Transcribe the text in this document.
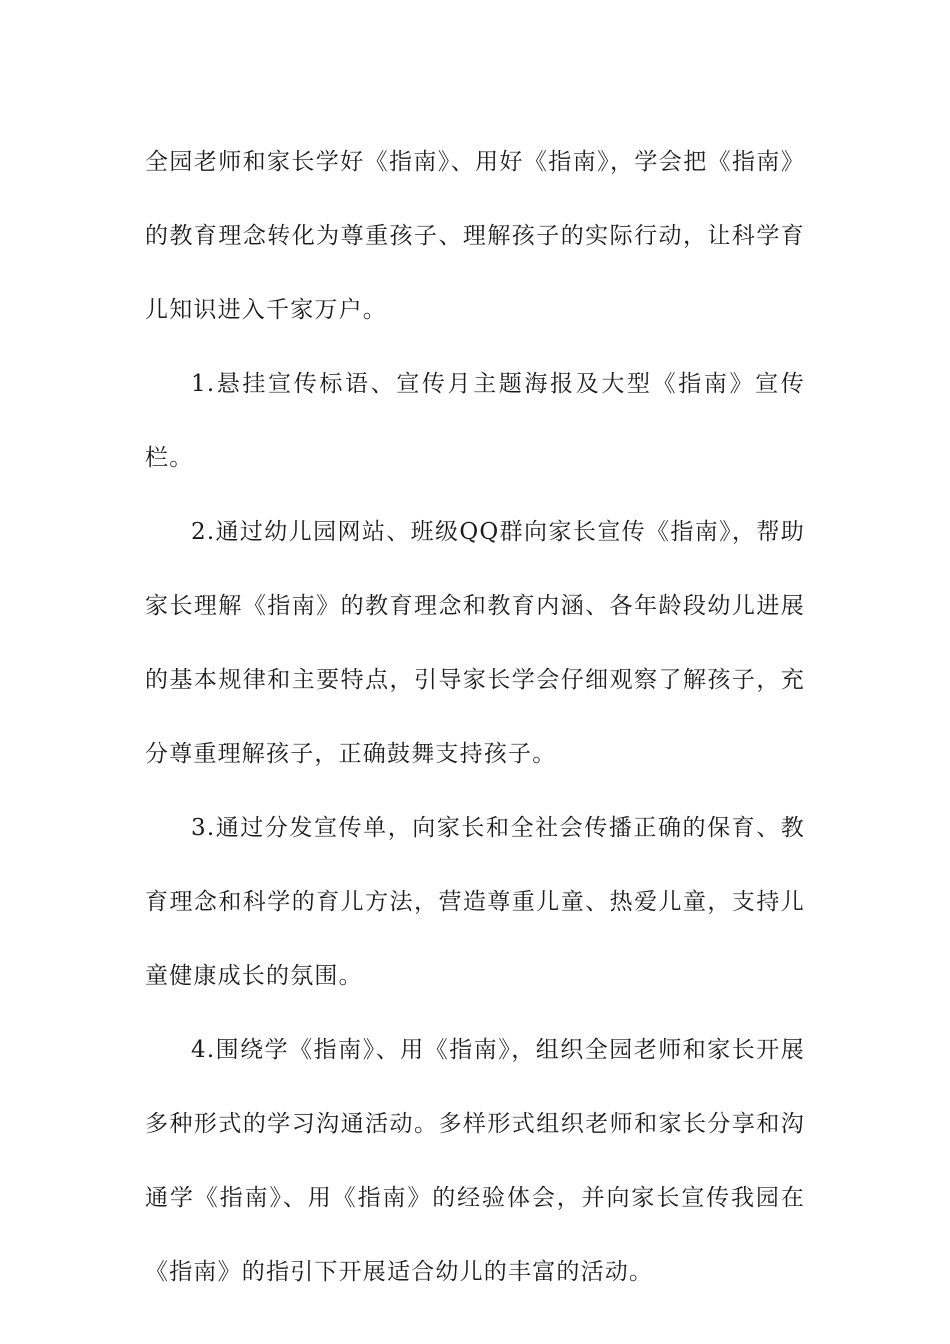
全园老师和家长学好《指南》、用好《指南》，学会把《指南》的教育理念转化为尊重孩子、理解孩子的实际行动，让科学育儿知识进入千家万户。

1.悬挂宣传标语、宣传月主题海报及大型《指南》宣传栏。

2.通过幼儿园网站、班级QQ群向家长宣传《指南》，帮助家长理解《指南》的教育理念和教育内涵、各年龄段幼儿进展的基本规律和主要特点，引导家长学会仔细观察了解孩子，充分尊重理解孩子，正确鼓舞支持孩子。

3.通过分发宣传单，向家长和全社会传播正确的保育、教育理念和科学的育儿方法，营造尊重儿童、热爱儿童，支持儿童健康成长的氛围。

4.围绕学《指南》、用《指南》，组织全园老师和家长开展多种形式的学习沟通活动。多样形式组织老师和家长分享和沟通学《指南》、用《指南》的经验体会，并向家长宣传我园在《指南》的指引下开展适合幼儿的丰富的活动。
